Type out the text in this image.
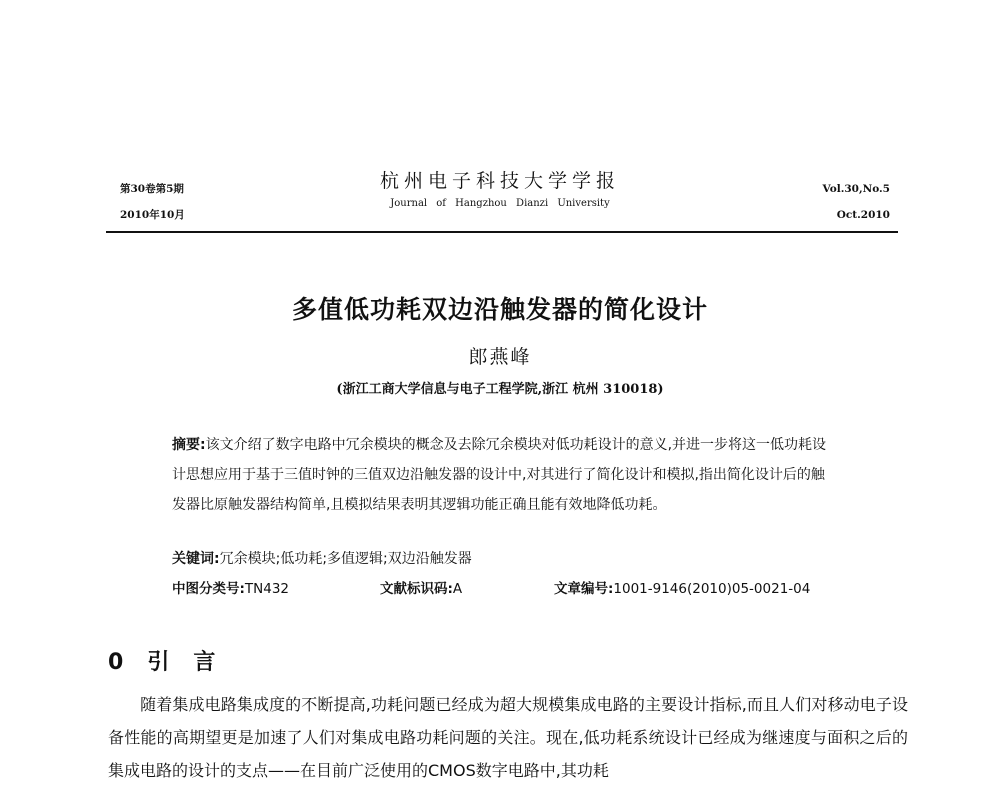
第30卷第5期
2010年10月
杭州电子科技大学学报
Journal of Hangzhou Dianzi University
Vol.30,No.5
Oct.2010
多值低功耗双边沿触发器的简化设计
郎燕峰
(浙江工商大学信息与电子工程学院,浙江 杭州 310018)
摘要:该文介绍了数字电路中冗余模块的概念及去除冗余模块对低功耗设计的意义,并进一步将这一低功耗设计思想应用于基于三值时钟的三值双边沿触发器的设计中,对其进行了简化设计和模拟,指出简化设计后的触发器比原触发器结构简单,且模拟结果表明其逻辑功能正确且能有效地降低功耗。
关键词:冗余模块;低功耗;多值逻辑;双边沿触发器
中图分类号:TN432	文献标识码:A	文章编号:1001-9146(2010)05-0021-04
0 引言
随着集成电路集成度的不断提高,功耗问题已经成为超大规模集成电路的主要设计指标,而且人们对移动电子设备性能的高期望更是加速了人们对集成电路功耗问题的关注。现在,低功耗系统设计已经成为继速度与面积之后的集成电路的设计的支点——在目前广泛使用的CMOS数字电路中,其功耗
